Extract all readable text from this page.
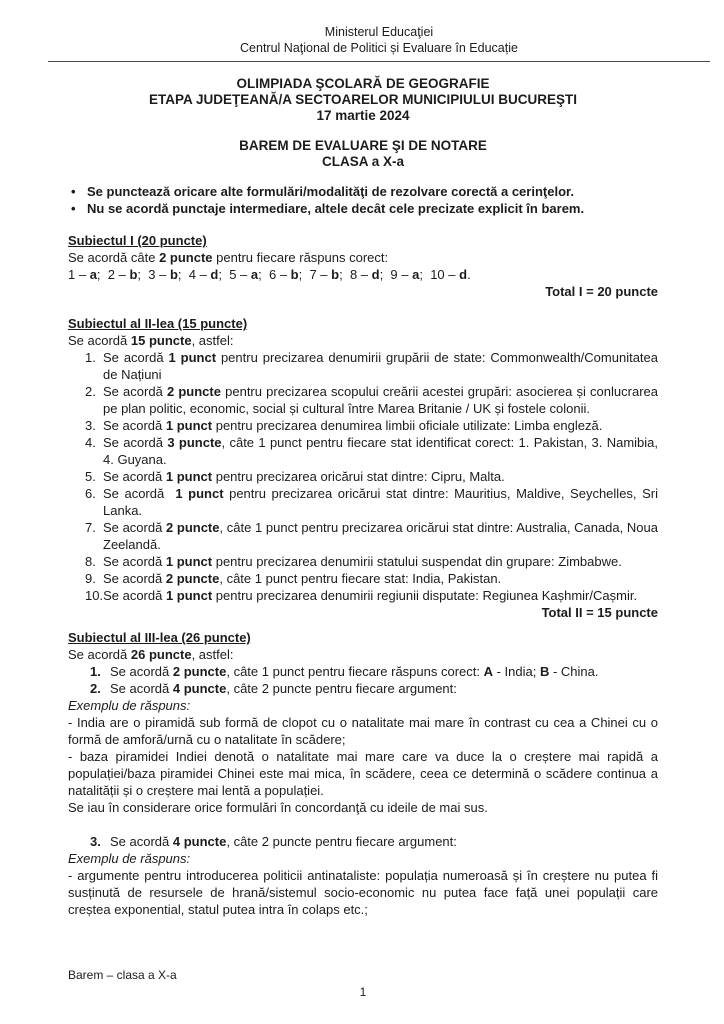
Ministerul Educaţiei
Centrul Naţional de Politici și Evaluare în Educație
OLIMPIADA ŞCOLARĂ DE GEOGRAFIE
ETAPA JUDEŢEANĂ/A SECTOARELOR MUNICIPIULUI BUCUREŞTI
17 martie 2024
BAREM DE EVALUARE ŞI DE NOTARE
CLASA a X-a
•
Se punctează oricare alte formulări/modalităţi de rezolvare corectă a cerinţelor.
•
Nu se acordă punctaje intermediare, altele decât cele precizate explicit în barem.
Subiectul I (20 puncte)
Se acordă câte 2 puncte pentru fiecare răspuns corect:
1 – a;  2 – b;  3 – b;  4 – d;  5 – a;  6 – b;  7 – b;  8 – d;  9 – a;  10 – d.
Total I = 20 puncte
Subiectul al II-lea (15 puncte)
Se acordă 15 puncte, astfel:
1. Se acordă 1 punct pentru precizarea denumirii grupării de state: Commonwealth/Comunitatea de Națiuni
2. Se acordă 2 puncte pentru precizarea scopului creării acestei grupări: asocierea și conlucrarea pe plan politic, economic, social și cultural între Marea Britanie / UK și fostele colonii.
3. Se acordă 1 punct pentru precizarea denumirea limbii oficiale utilizate: Limba engleză.
4. Se acordă 3 puncte, câte 1 punct pentru fiecare stat identificat corect: 1. Pakistan, 3. Namibia, 4. Guyana.
5. Se acordă 1 punct pentru precizarea oricărui stat dintre: Cipru, Malta.
6. Se acordă  1 punct pentru precizarea oricărui stat dintre: Mauritius, Maldive, Seychelles, Sri Lanka.
7. Se acordă 2 puncte, câte 1 punct pentru precizarea oricărui stat dintre: Australia, Canada, Noua Zeelandă.
8. Se acordă 1 punct pentru precizarea denumirii statului suspendat din grupare: Zimbabwe.
9. Se acordă 2 puncte, câte 1 punct pentru fiecare stat: India, Pakistan.
10. Se acordă 1 punct pentru precizarea denumirii regiunii disputate: Regiunea Kașhmir/Cașmir.
Total II = 15 puncte
Subiectul al III-lea (26 puncte)
Se acordă 26 puncte, astfel:
1. Se acordă 2 puncte, câte 1 punct pentru fiecare răspuns corect: A - India; B - China.
2. Se acordă 4 puncte, câte 2 puncte pentru fiecare argument:
Exemplu de răspuns:
- India are o piramidă sub formă de clopot cu o natalitate mai mare în contrast cu cea a Chinei cu o formă de amforă/urnă cu o natalitate în scădere;
- baza piramidei Indiei denotă o natalitate mai mare care va duce la o creștere mai rapidă a populației/baza piramidei Chinei este mai mica, în scădere, ceea ce determină o scădere continua a natalității și o creștere mai lentă a populației.
Se iau în considerare orice formulări în concordanţă cu ideile de mai sus.
3. Se acordă 4 puncte, câte 2 puncte pentru fiecare argument:
Exemplu de răspuns:
- argumente pentru introducerea politicii antinataliste: populația numeroasă și în creștere nu putea fi susținută de resursele de hrană/sistemul socio-economic nu putea face față unei populații care creștea exponential, statul putea intra în colaps etc.;
Barem – clasa a X-a
1
